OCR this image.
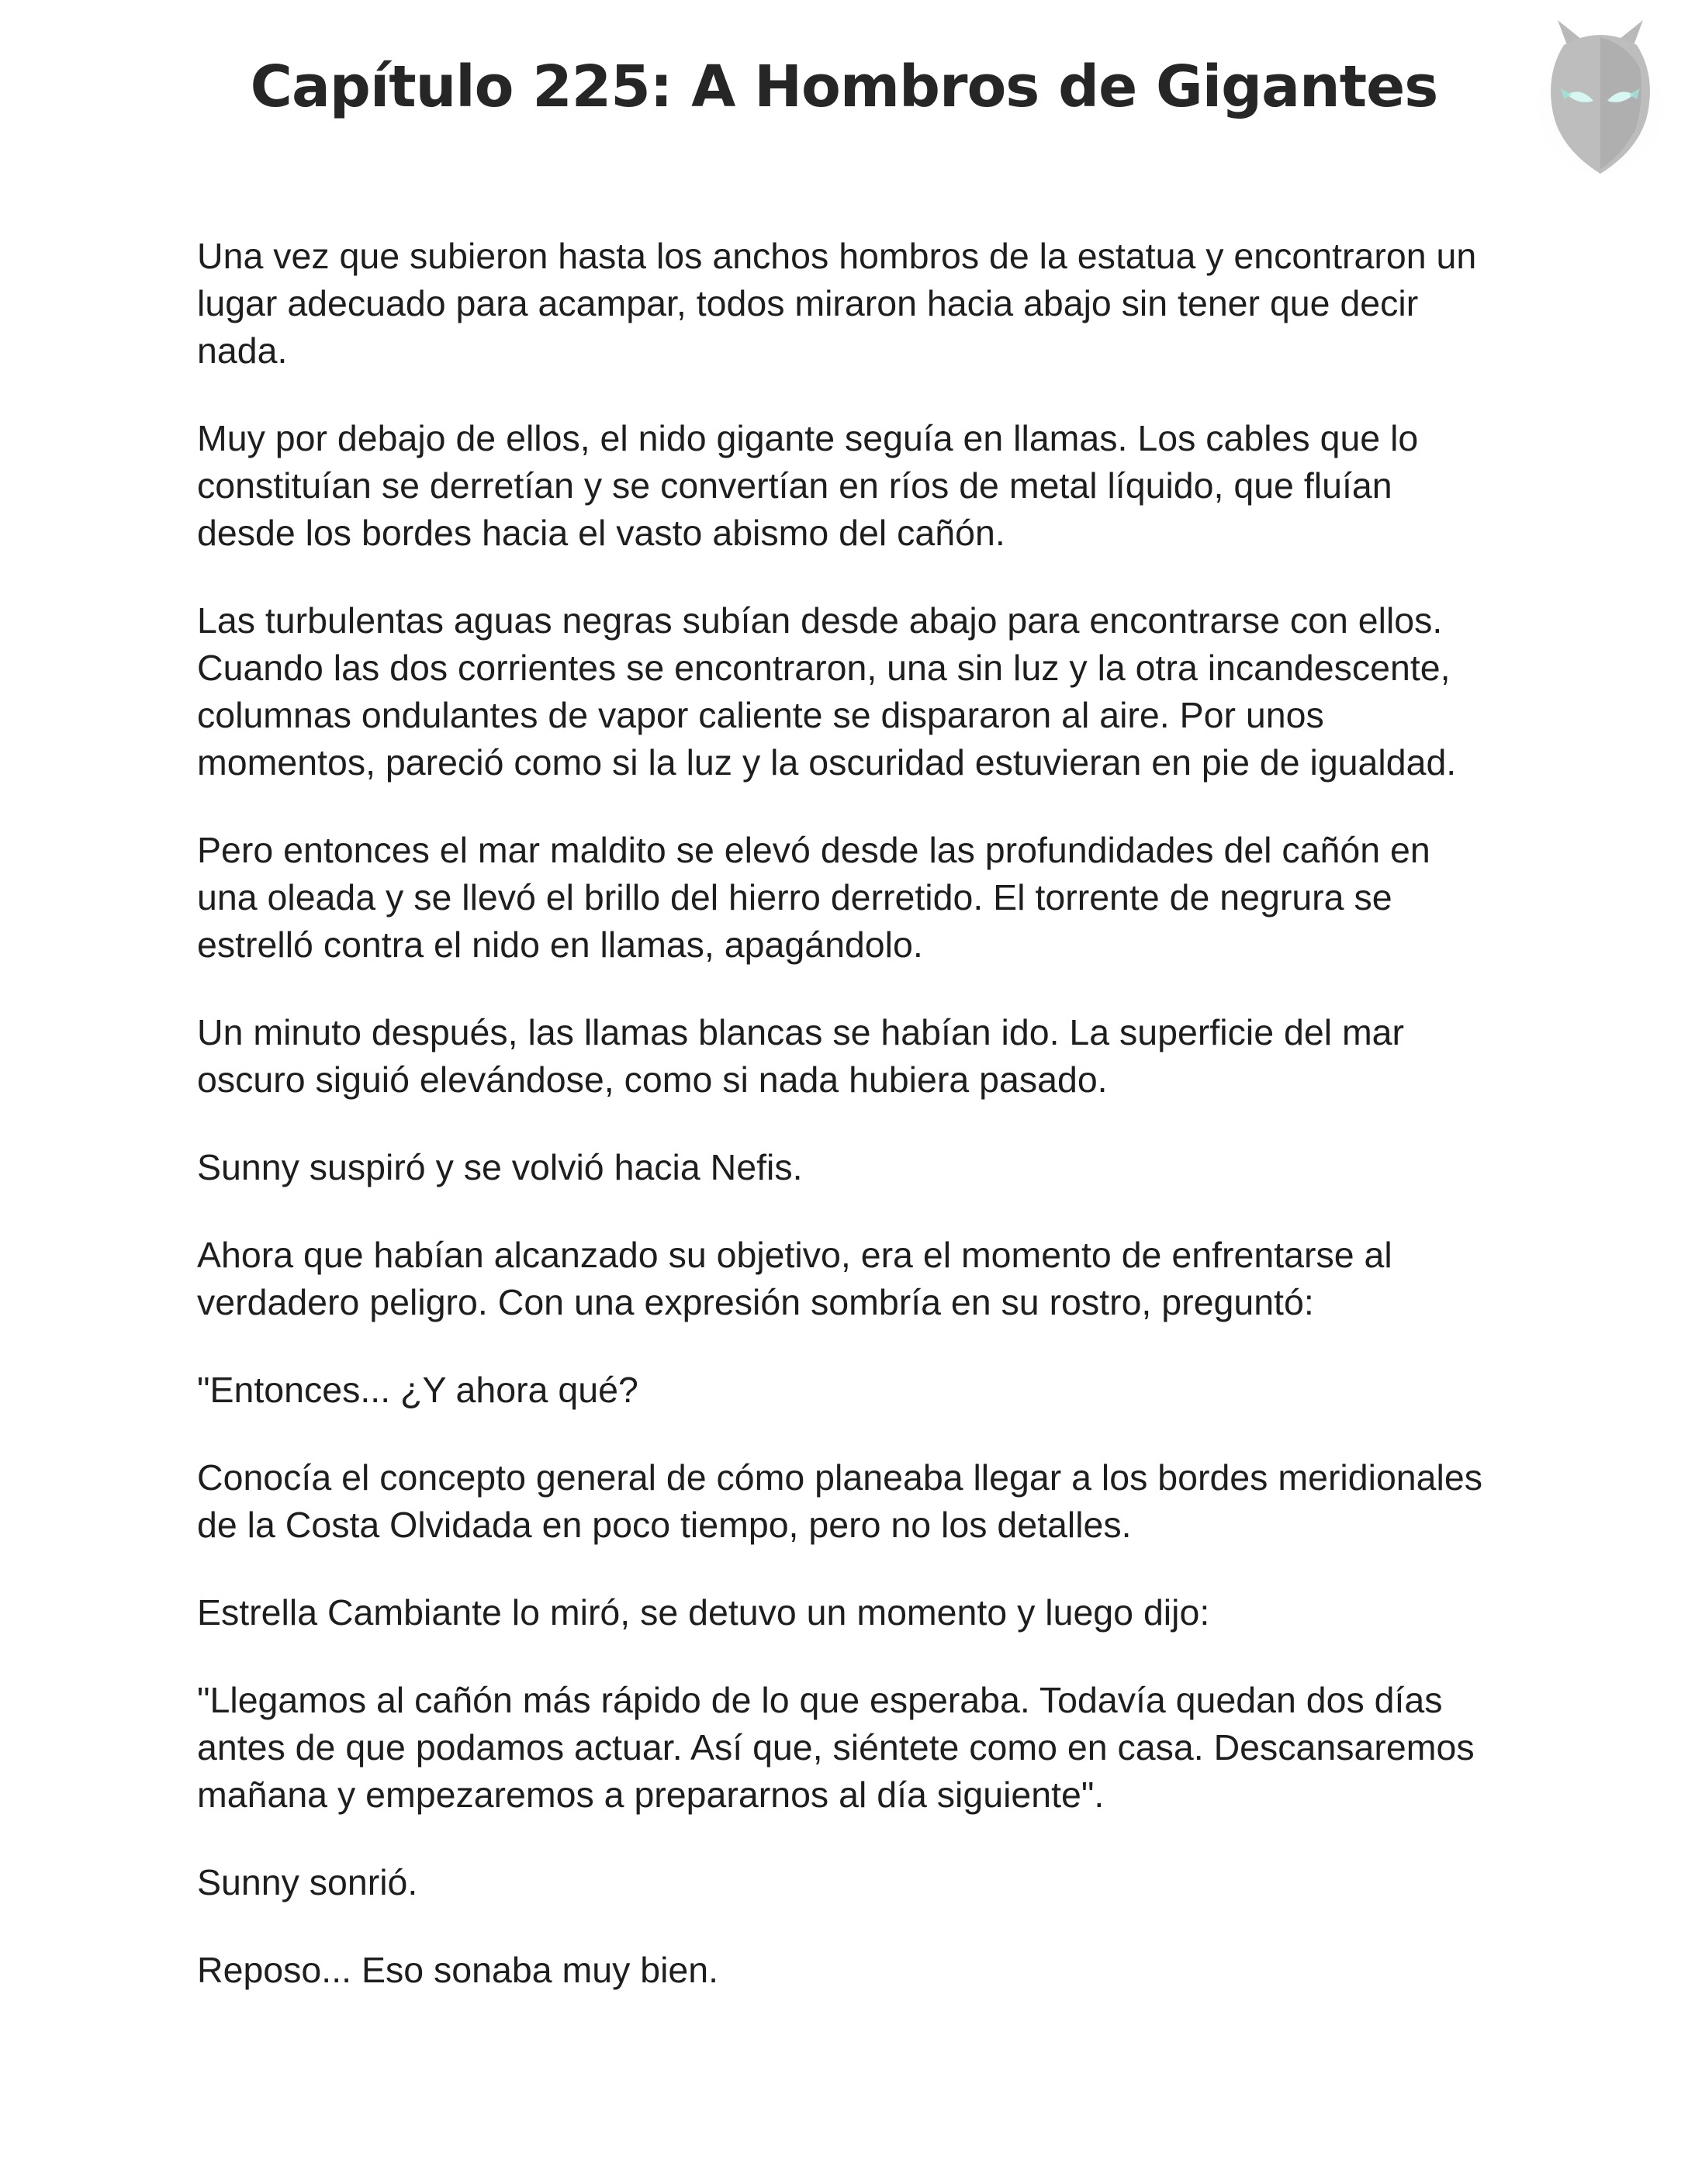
Capítulo 225: A Hombros de Gigantes

Una vez que subieron hasta los anchos hombros de la estatua y encontraron un lugar adecuado para acampar, todos miraron hacia abajo sin tener que decir nada.

Muy por debajo de ellos, el nido gigante seguía en llamas. Los cables que lo constituían se derretían y se convertían en ríos de metal líquido, que fluían desde los bordes hacia el vasto abismo del cañón.

Las turbulentas aguas negras subían desde abajo para encontrarse con ellos. Cuando las dos corrientes se encontraron, una sin luz y la otra incandescente, columnas ondulantes de vapor caliente se dispararon al aire. Por unos momentos, pareció como si la luz y la oscuridad estuvieran en pie de igualdad.

Pero entonces el mar maldito se elevó desde las profundidades del cañón en una oleada y se llevó el brillo del hierro derretido. El torrente de negrura se estrelló contra el nido en llamas, apagándolo.

Un minuto después, las llamas blancas se habían ido. La superficie del mar oscuro siguió elevándose, como si nada hubiera pasado.

Sunny suspiró y se volvió hacia Nefis.

Ahora que habían alcanzado su objetivo, era el momento de enfrentarse al verdadero peligro. Con una expresión sombría en su rostro, preguntó:

"Entonces... ¿Y ahora qué?

Conocía el concepto general de cómo planeaba llegar a los bordes meridionales de la Costa Olvidada en poco tiempo, pero no los detalles.

Estrella Cambiante lo miró, se detuvo un momento y luego dijo:

"Llegamos al cañón más rápido de lo que esperaba. Todavía quedan dos días antes de que podamos actuar. Así que, siéntete como en casa. Descansaremos mañana y empezaremos a prepararnos al día siguiente".

Sunny sonrió.

Reposo... Eso sonaba muy bien.
